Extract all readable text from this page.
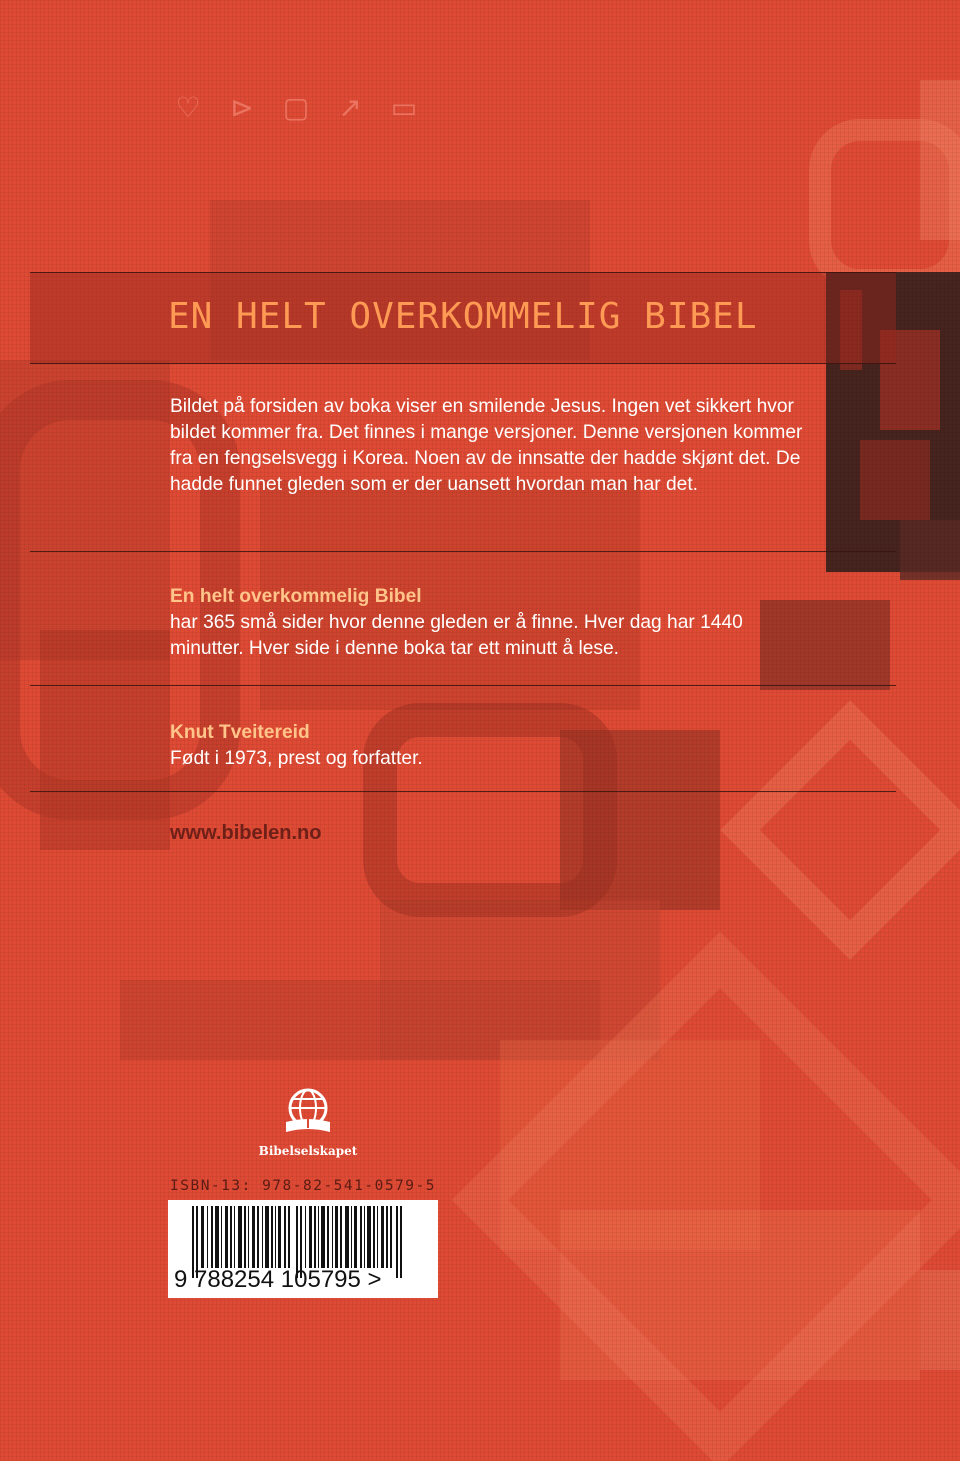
♡ ⊳ ▢ ↗ ▭
EN HELT OVERKOMMELIG BIBEL

Bildet på forsiden av boka viser en smilende Jesus. Ingen vet sikkert hvor bildet kommer fra. Det finnes i mange versjoner. Denne versjonen kommer fra en fengselsvegg i Korea. Noen av de innsatte der hadde skjønt det. De hadde funnet gleden som er der uansett hvordan man har det.

En helt overkommelig Bibel

har 365 små sider hvor denne gleden er å finne. Hver dag har 1440 minutter. Hver side i denne boka tar ett minutt å lese.

Knut Tveitereid

Født i 1973, prest og forfatter.

www.bibelen.no

Bibelselskapet

ISBN-13: 978-82-541-0579-5

9 788254 105795 >
